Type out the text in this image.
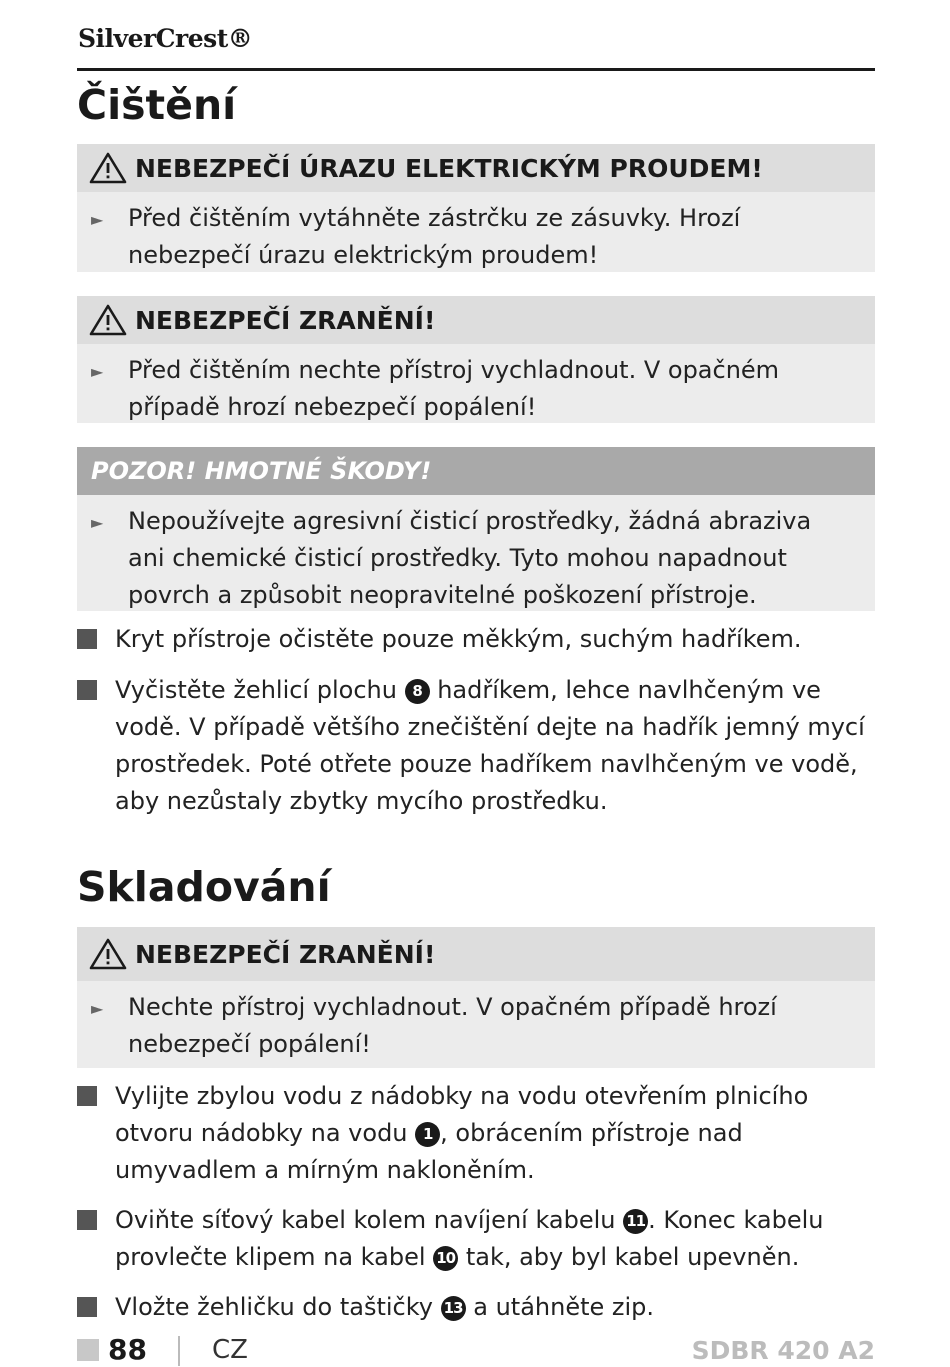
SilverCrest®
Čištění
NEBEZPEČÍ ÚRAZU ELEKTRICKÝM PROUDEM!
► Před čištěním vytáhněte zástrčku ze zásuvky. Hrozí nebezpečí úrazu elektrickým proudem!
NEBEZPEČÍ ZRANĚNÍ!
► Před čištěním nechte přístroj vychladnout. V opačném případě hrozí nebezpečí popálení!
POZOR! HMOTNÉ ŠKODY!
► Nepoužívejte agresivní čisticí prostředky, žádná abraziva ani chemické čisticí prostředky. Tyto mohou napadnout povrch a způsobit neopravitelné poškození přístroje.
Kryt přístroje očistěte pouze měkkým, suchým hadříkem.
Vyčistěte žehlicí plochu 8 hadříkem, lehce navlhčeným ve vodě. V případě většího znečištění dejte na hadřík jemný mycí prostředek. Poté otřete pouze hadříkem navlhčeným ve vodě, aby nezůstaly zbytky mycího prostředku.
Skladování
NEBEZPEČÍ ZRANĚNÍ!
► Nechte přístroj vychladnout. V opačném případě hrozí nebezpečí popálení!
Vylijte zbylou vodu z nádobky na vodu otevřením plnicího otvoru nádobky na vodu 1 , obrácením přístroje nad umyvadlem a mírným nakloněním.
Oviňte síťový kabel kolem navíjení kabelu 11 . Konec kabelu provlečte klipem na kabel 10 tak, aby byl kabel upevněn.
Vložte žehličku do taštičky 13 a utáhněte zip.
88	CZ	SDBR 420 A2
